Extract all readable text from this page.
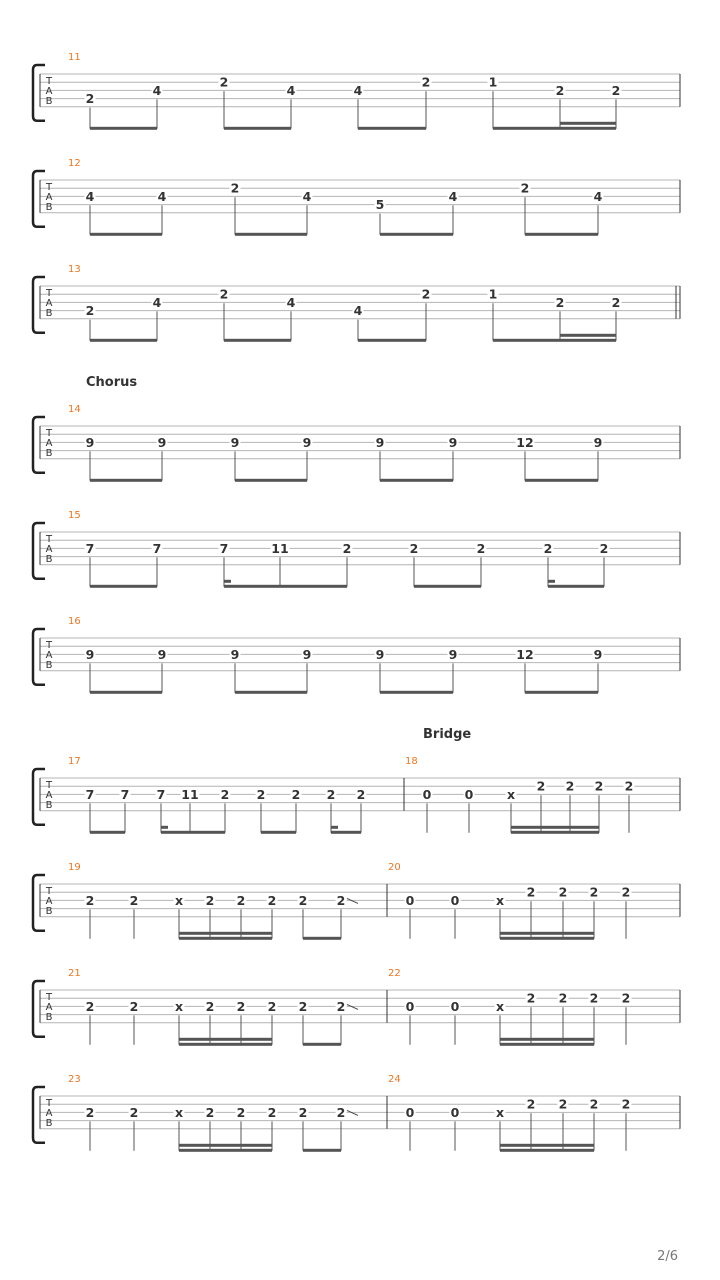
T
A
B
11
2
4
2
4	4
2	1
2	2
T
A
B
12
4	4
2
4
5
4
2
4
T
A
B
13
2
4
2
4
4
2	1
2	2
Chorus
T
A
B
14
9	9	9	9	9	9	12	9
T
A
B
15
7	7	7	11	2	2	2	2	2
T
A
B
16
9	9	9	9	9	9	12	9
Bridge
T
A
B
17
7 7 7 11 2 2 2 2 2
18
0	0	x
2 2 2 2
T
A
B
19
2	2	x 2 2 2 2 2
20
0	0	x
2 2 2 2
T
A
B
21
2	2	x 2 2 2 2 2
22
0	0	x
2 2 2 2
T
A
B
23
2	2	x 2 2 2 2 2
24
0	0	x
2 2 2 2
2/6
